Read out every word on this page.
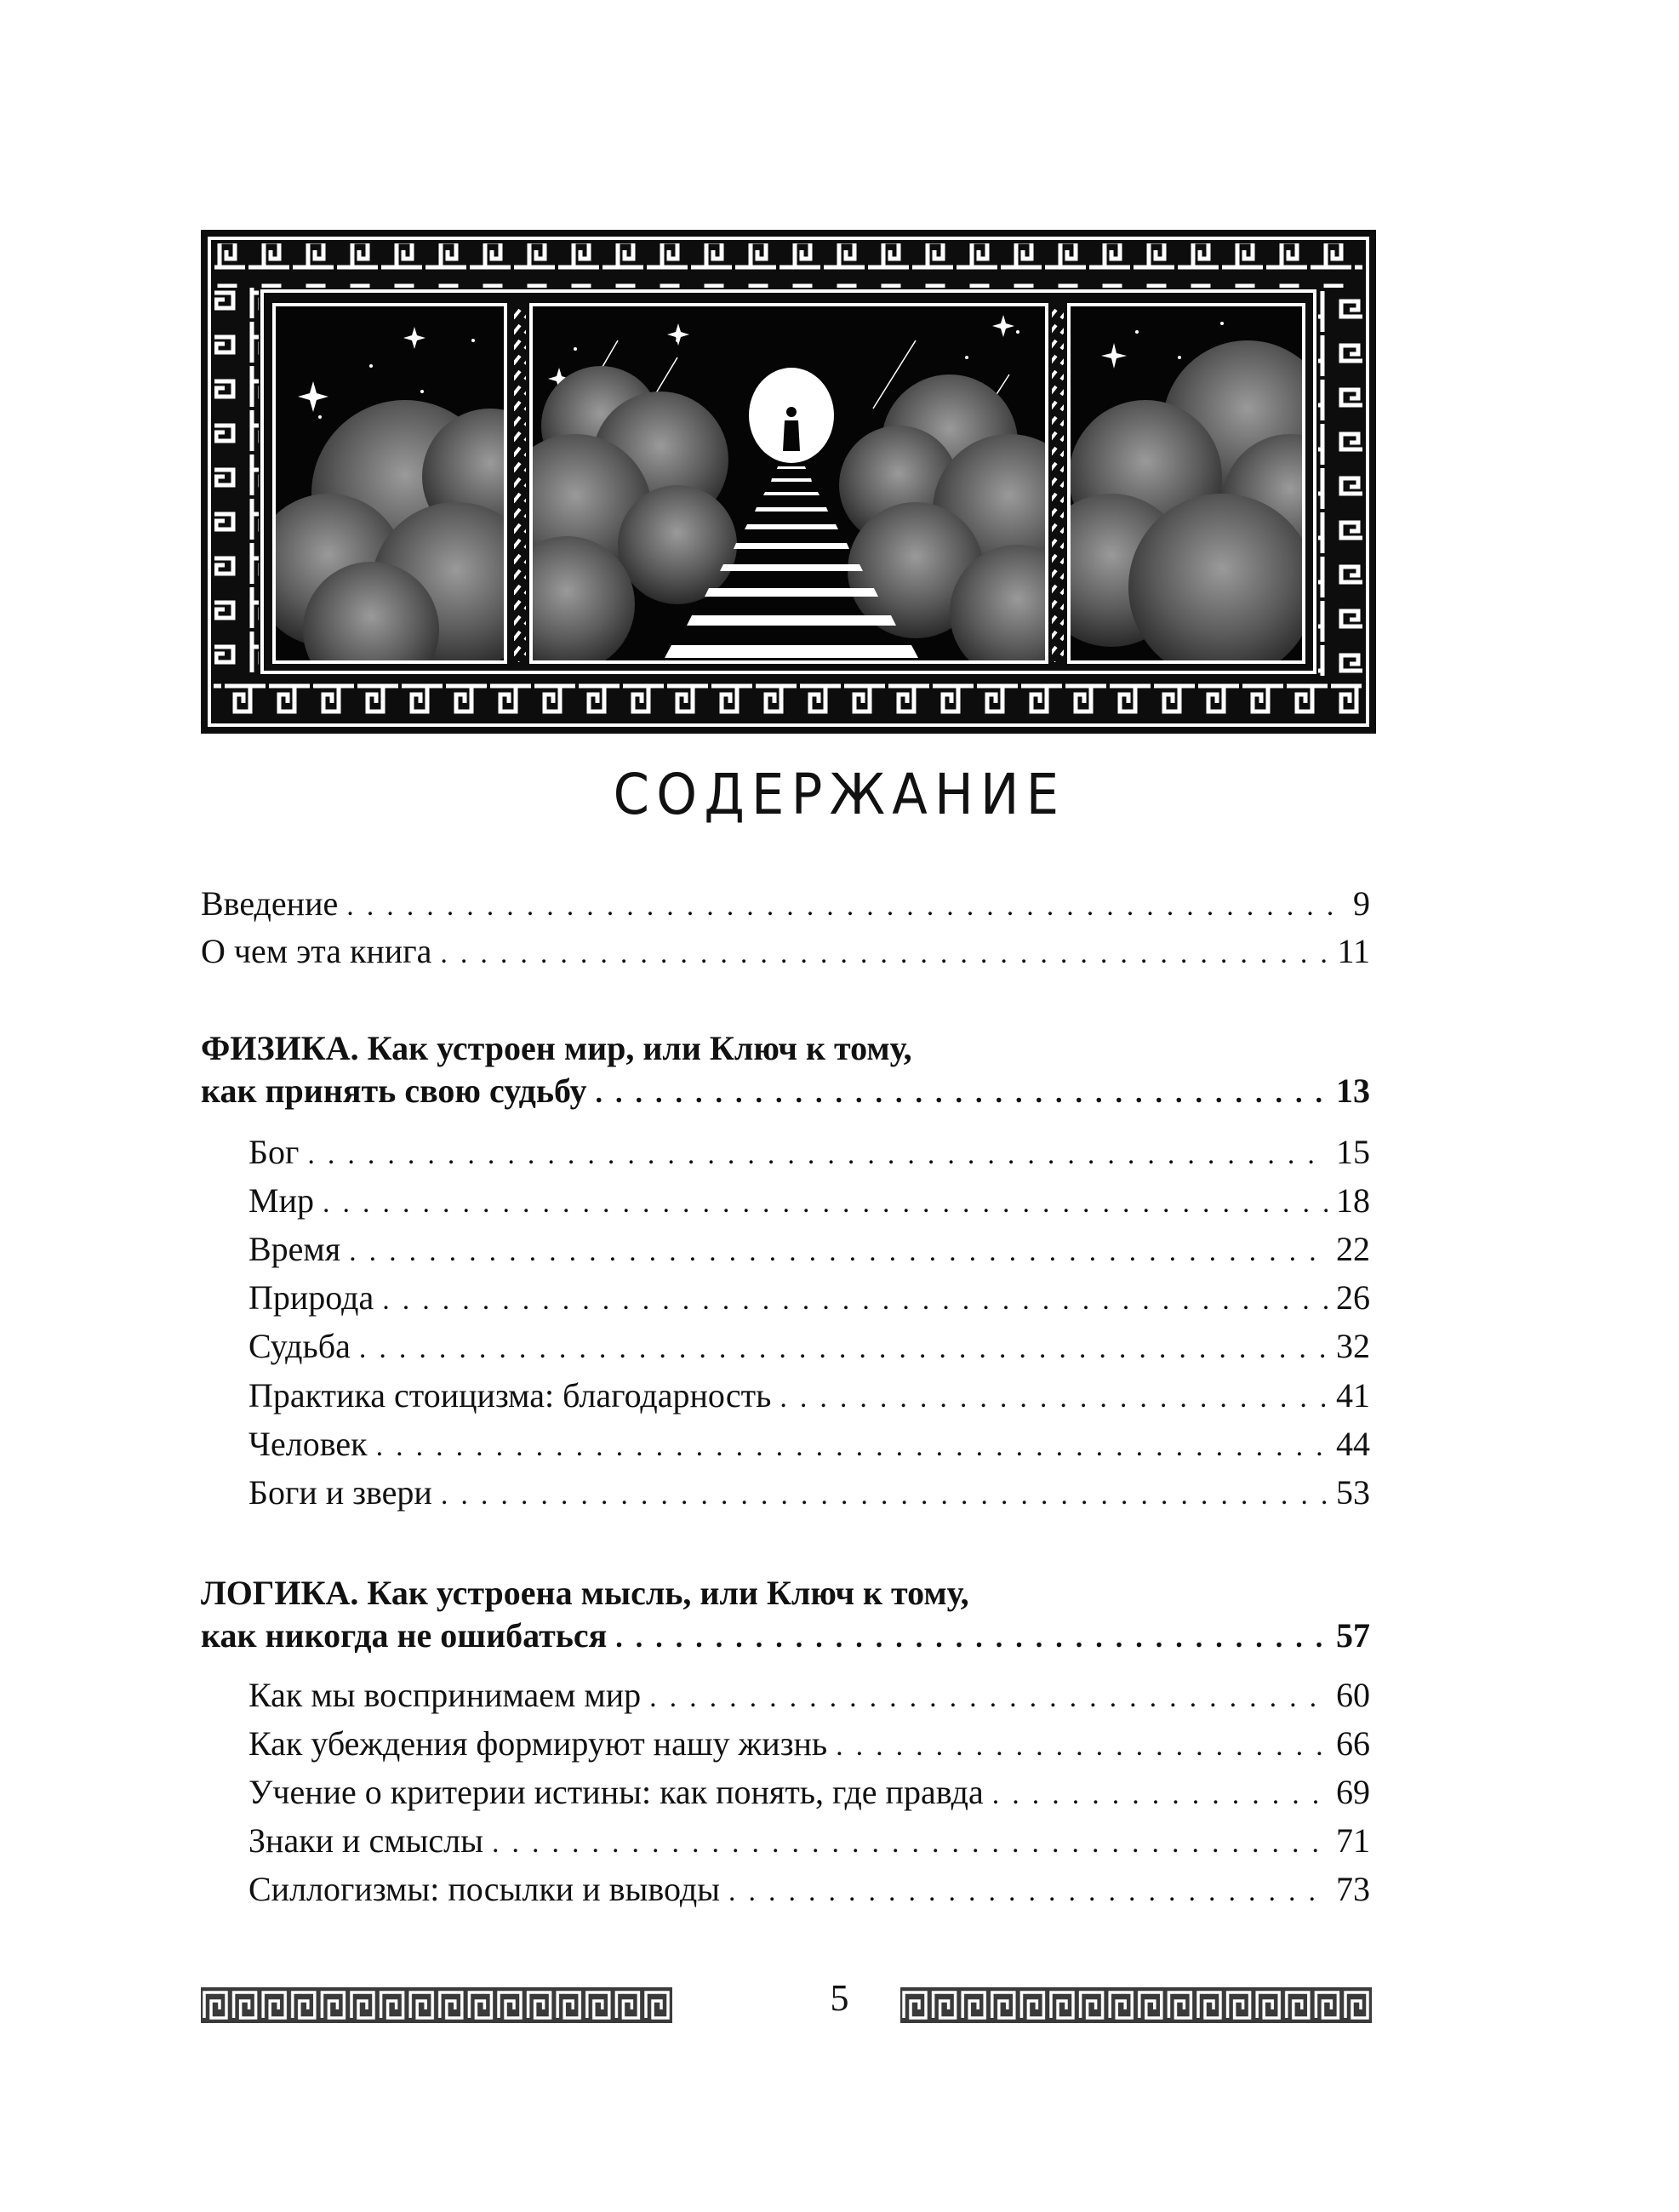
СОДЕРЖАНИЕ
Введение . . .	9
О чем эта книга . . .	11
ФИЗИКА. Как устроен мир, или Ключ к тому,
как принять свою судьбу . . .	13
Бог . . .	15
Мир . . .	18
Время . . .	22
Природа . . .	26
Судьба . . .	32
Практика стоицизма: благодарность . . .	41
Человек . . .	44
Боги и звери . . .	53
ЛОГИКА. Как устроена мысль, или Ключ к тому,
как никогда не ошибаться . . .	57
Как мы воспринимаем мир . . .	60
Как убеждения формируют нашу жизнь . . .	66
Учение о критерии истины: как понять, где правда . . .	69
Знаки и смыслы . . .	71
Силлогизмы: посылки и выводы . . .	73
5
